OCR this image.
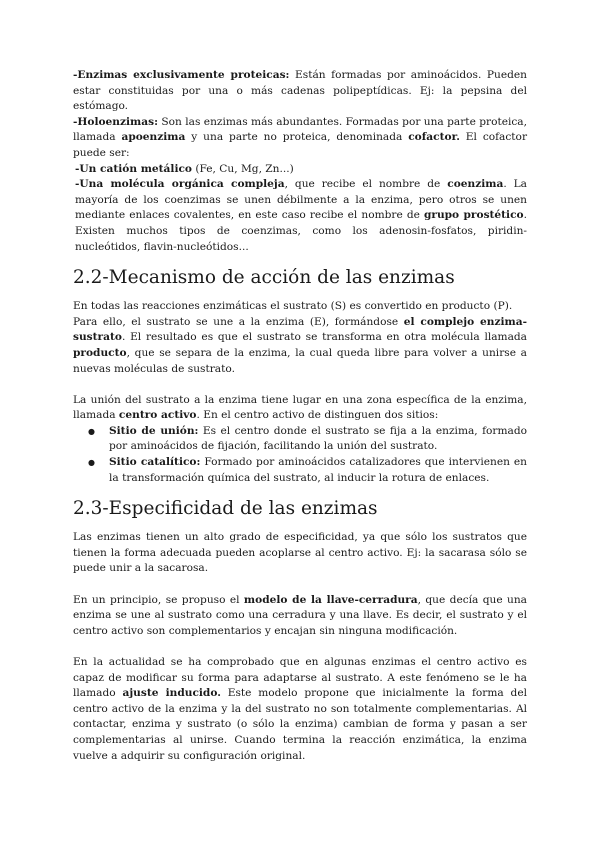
-Enzimas exclusivamente proteicas: Están formadas por aminoácidos. Pueden estar constituidas por una o más cadenas polipeptídicas. Ej: la pepsina del estómago.

-Holoenzimas: Son las enzimas más abundantes. Formadas por una parte proteica, llamada apoenzima y una parte no proteica, denominada cofactor. El cofactor puede ser:

-Un catión metálico (Fe, Cu, Mg, Zn...)

-Una molécula orgánica compleja, que recibe el nombre de coenzima. La mayoría de los coenzimas se unen débilmente a la enzima, pero otros se unen mediante enlaces covalentes, en este caso recibe el nombre de grupo prostético. Existen muchos tipos de coenzimas, como los adenosin-fosfatos, piridin-nucleótidos, flavin-nucleótidos...

2.2-Mecanismo de acción de las enzimas

En todas las reacciones enzimáticas el sustrato (S) es convertido en producto (P).
Para ello, el sustrato se une a la enzima (E), formándose el complejo enzima-sustrato. El resultado es que el sustrato se transforma en otra molécula llamada producto, que se separa de la enzima, la cual queda libre para volver a unirse a nuevas moléculas de sustrato.

La unión del sustrato a la enzima tiene lugar en una zona específica de la enzima, llamada centro activo. En el centro activo de distinguen dos sitios:

● Sitio de unión: Es el centro donde el sustrato se fija a la enzima, formado por aminoácidos de fijación, facilitando la unión del sustrato.
● Sitio catalítico: Formado por aminoácidos catalizadores que intervienen en la transformación química del sustrato, al inducir la rotura de enlaces.
2.3-Especificidad de las enzimas

Las enzimas tienen un alto grado de especificidad, ya que sólo los sustratos que tienen la forma adecuada pueden acoplarse al centro activo. Ej: la sacarasa sólo se puede unir a la sacarosa.

En un principio, se propuso el modelo de la llave-cerradura, que decía que una enzima se une al sustrato como una cerradura y una llave. Es decir, el sustrato y el centro activo son complementarios y encajan sin ninguna modificación.

En la actualidad se ha comprobado que en algunas enzimas el centro activo es capaz de modificar su forma para adaptarse al sustrato. A este fenómeno se le ha llamado ajuste inducido. Este modelo propone que inicialmente la forma del centro activo de la enzima y la del sustrato no son totalmente complementarias. Al contactar, enzima y sustrato (o sólo la enzima) cambian de forma y pasan a ser complementarias al unirse. Cuando termina la reacción enzimática, la enzima vuelve a adquirir su configuración original.
